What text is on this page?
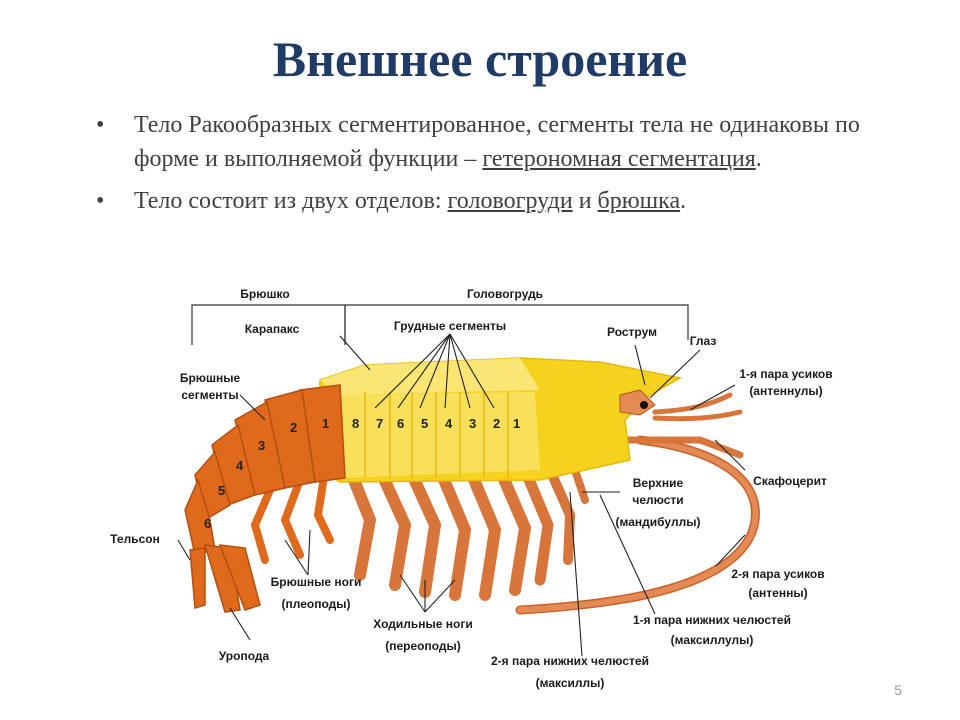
Внешнее строение
• Тело Ракообразных сегментированное, сегменты тела не одинаковы по форме и выполняемой функции – гетерономная сегментация.
• Тело состоит из двух отделов: головогруди и брюшка.
8 7 6 5 4 3 2 1
1
2
3
4
5
6
Брюшко	Головогрудь
Карапакс	Грудные сегменты	Рострум
Глаз
1-я пара усиков
(антеннулы)
Брюшные
сегменты
Скафоцерит
Верхние
челюсти
(мандибуллы)
Тельсон
2-я пара усиков
(антенны)
Брюшные ноги
(плеоподы)
1-я пара нижних челюстей
(максиллулы)
Ходильные ноги
(переоподы)
Уропода	2-я пара нижних челюстей
(максиллы)	5
